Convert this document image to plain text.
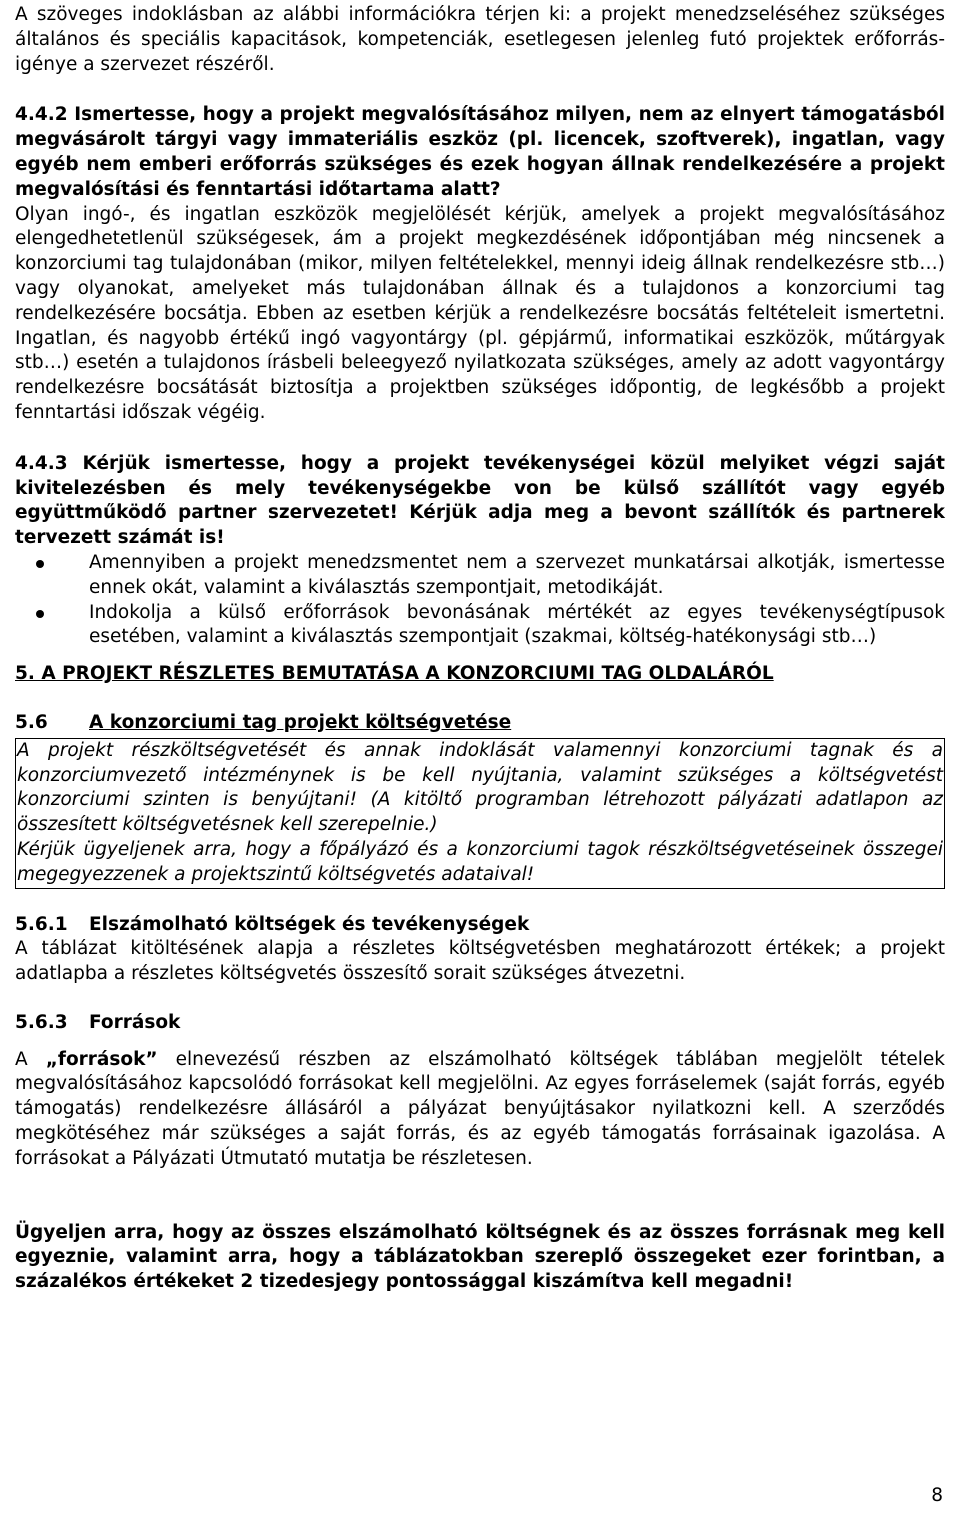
A szöveges indoklásban az alábbi információkra térjen ki: a projekt menedzseléséhez szükséges általános és speciális kapacitások, kompetenciák, esetlegesen jelenleg futó projektek erőforrás-igénye a szervezet részéről.

4.4.2 Ismertesse, hogy a projekt megvalósításához milyen, nem az elnyert támogatásból megvásárolt tárgyi vagy immateriális eszköz (pl. licencek, szoftverek), ingatlan, vagy egyéb nem emberi erőforrás szükséges és ezek hogyan állnak rendelkezésére a projekt megvalósítási és fenntartási időtartama alatt?

Olyan ingó-, és ingatlan eszközök megjelölését kérjük, amelyek a projekt megvalósításához elengedhetetlenül szükségesek, ám a projekt megkezdésének időpontjában még nincsenek a konzorciumi tag tulajdonában (mikor, milyen feltételekkel, mennyi ideig állnak rendelkezésre stb…) vagy olyanokat, amelyeket más tulajdonában állnak és a tulajdonos a konzorciumi tag rendelkezésére bocsátja. Ebben az esetben kérjük a rendelkezésre bocsátás feltételeit ismertetni. Ingatlan, és nagyobb értékű ingó vagyontárgy (pl. gépjármű, informatikai eszközök, műtárgyak stb…) esetén a tulajdonos írásbeli beleegyező nyilatkozata szükséges, amely az adott vagyontárgy rendelkezésre bocsátását biztosítja a projektben szükséges időpontig, de legkésőbb a projekt fenntartási időszak végéig.

4.4.3 Kérjük ismertesse, hogy a projekt tevékenységei közül melyiket végzi saját kivitelezésben és mely tevékenységekbe von be külső szállítót vagy egyéb együttműködő partner szervezetet! Kérjük adja meg a bevont szállítók és partnerek tervezett számát is!

Amennyiben a projekt menedzsmentet nem a szervezet munkatársai alkotják, ismertesse ennek okát, valamint a kiválasztás szempontjait, metodikáját.
Indokolja a külső erőforrások bevonásának mértékét az egyes tevékenységtípusok esetében, valamint a kiválasztás szempontjait (szakmai, költség-hatékonysági stb…)

5. A PROJEKT RÉSZLETES BEMUTATÁSA A KONZORCIUMI TAG OLDALÁRÓL

5.6 A konzorciumi tag projekt költségvetése

A projekt részköltségvetését és annak indoklását valamennyi konzorciumi tagnak és a konzorciumvezető intézménynek is be kell nyújtania, valamint szükséges a költségvetést konzorciumi szinten is benyújtani! (A kitöltő programban létrehozott pályázati adatlapon az összesített költségvetésnek kell szerepelnie.)

Kérjük ügyeljenek arra, hogy a főpályázó és a konzorciumi tagok részköltségvetéseinek összegei megegyezzenek a projektszintű költségvetés adataival!

5.6.1 Elszámolható költségek és tevékenységek

A táblázat kitöltésének alapja a részletes költségvetésben meghatározott értékek; a projekt adatlapba a részletes költségvetés összesítő sorait szükséges átvezetni.

5.6.3 Források

A „források” elnevezésű részben az elszámolható költségek táblában megjelölt tételek megvalósításához kapcsolódó forrásokat kell megjelölni. Az egyes forráselemek (saját forrás, egyéb támogatás) rendelkezésre állásáról a pályázat benyújtásakor nyilatkozni kell. A szerződés megkötéséhez már szükséges a saját forrás, és az egyéb támogatás forrásainak igazolása. A forrásokat a Pályázati Útmutató mutatja be részletesen.

Ügyeljen arra, hogy az összes elszámolható költségnek és az összes forrásnak meg kell egyeznie, valamint arra, hogy a táblázatokban szereplő összegeket ezer forintban, a százalékos értékeket 2 tizedesjegy pontossággal kiszámítva kell megadni!

8
